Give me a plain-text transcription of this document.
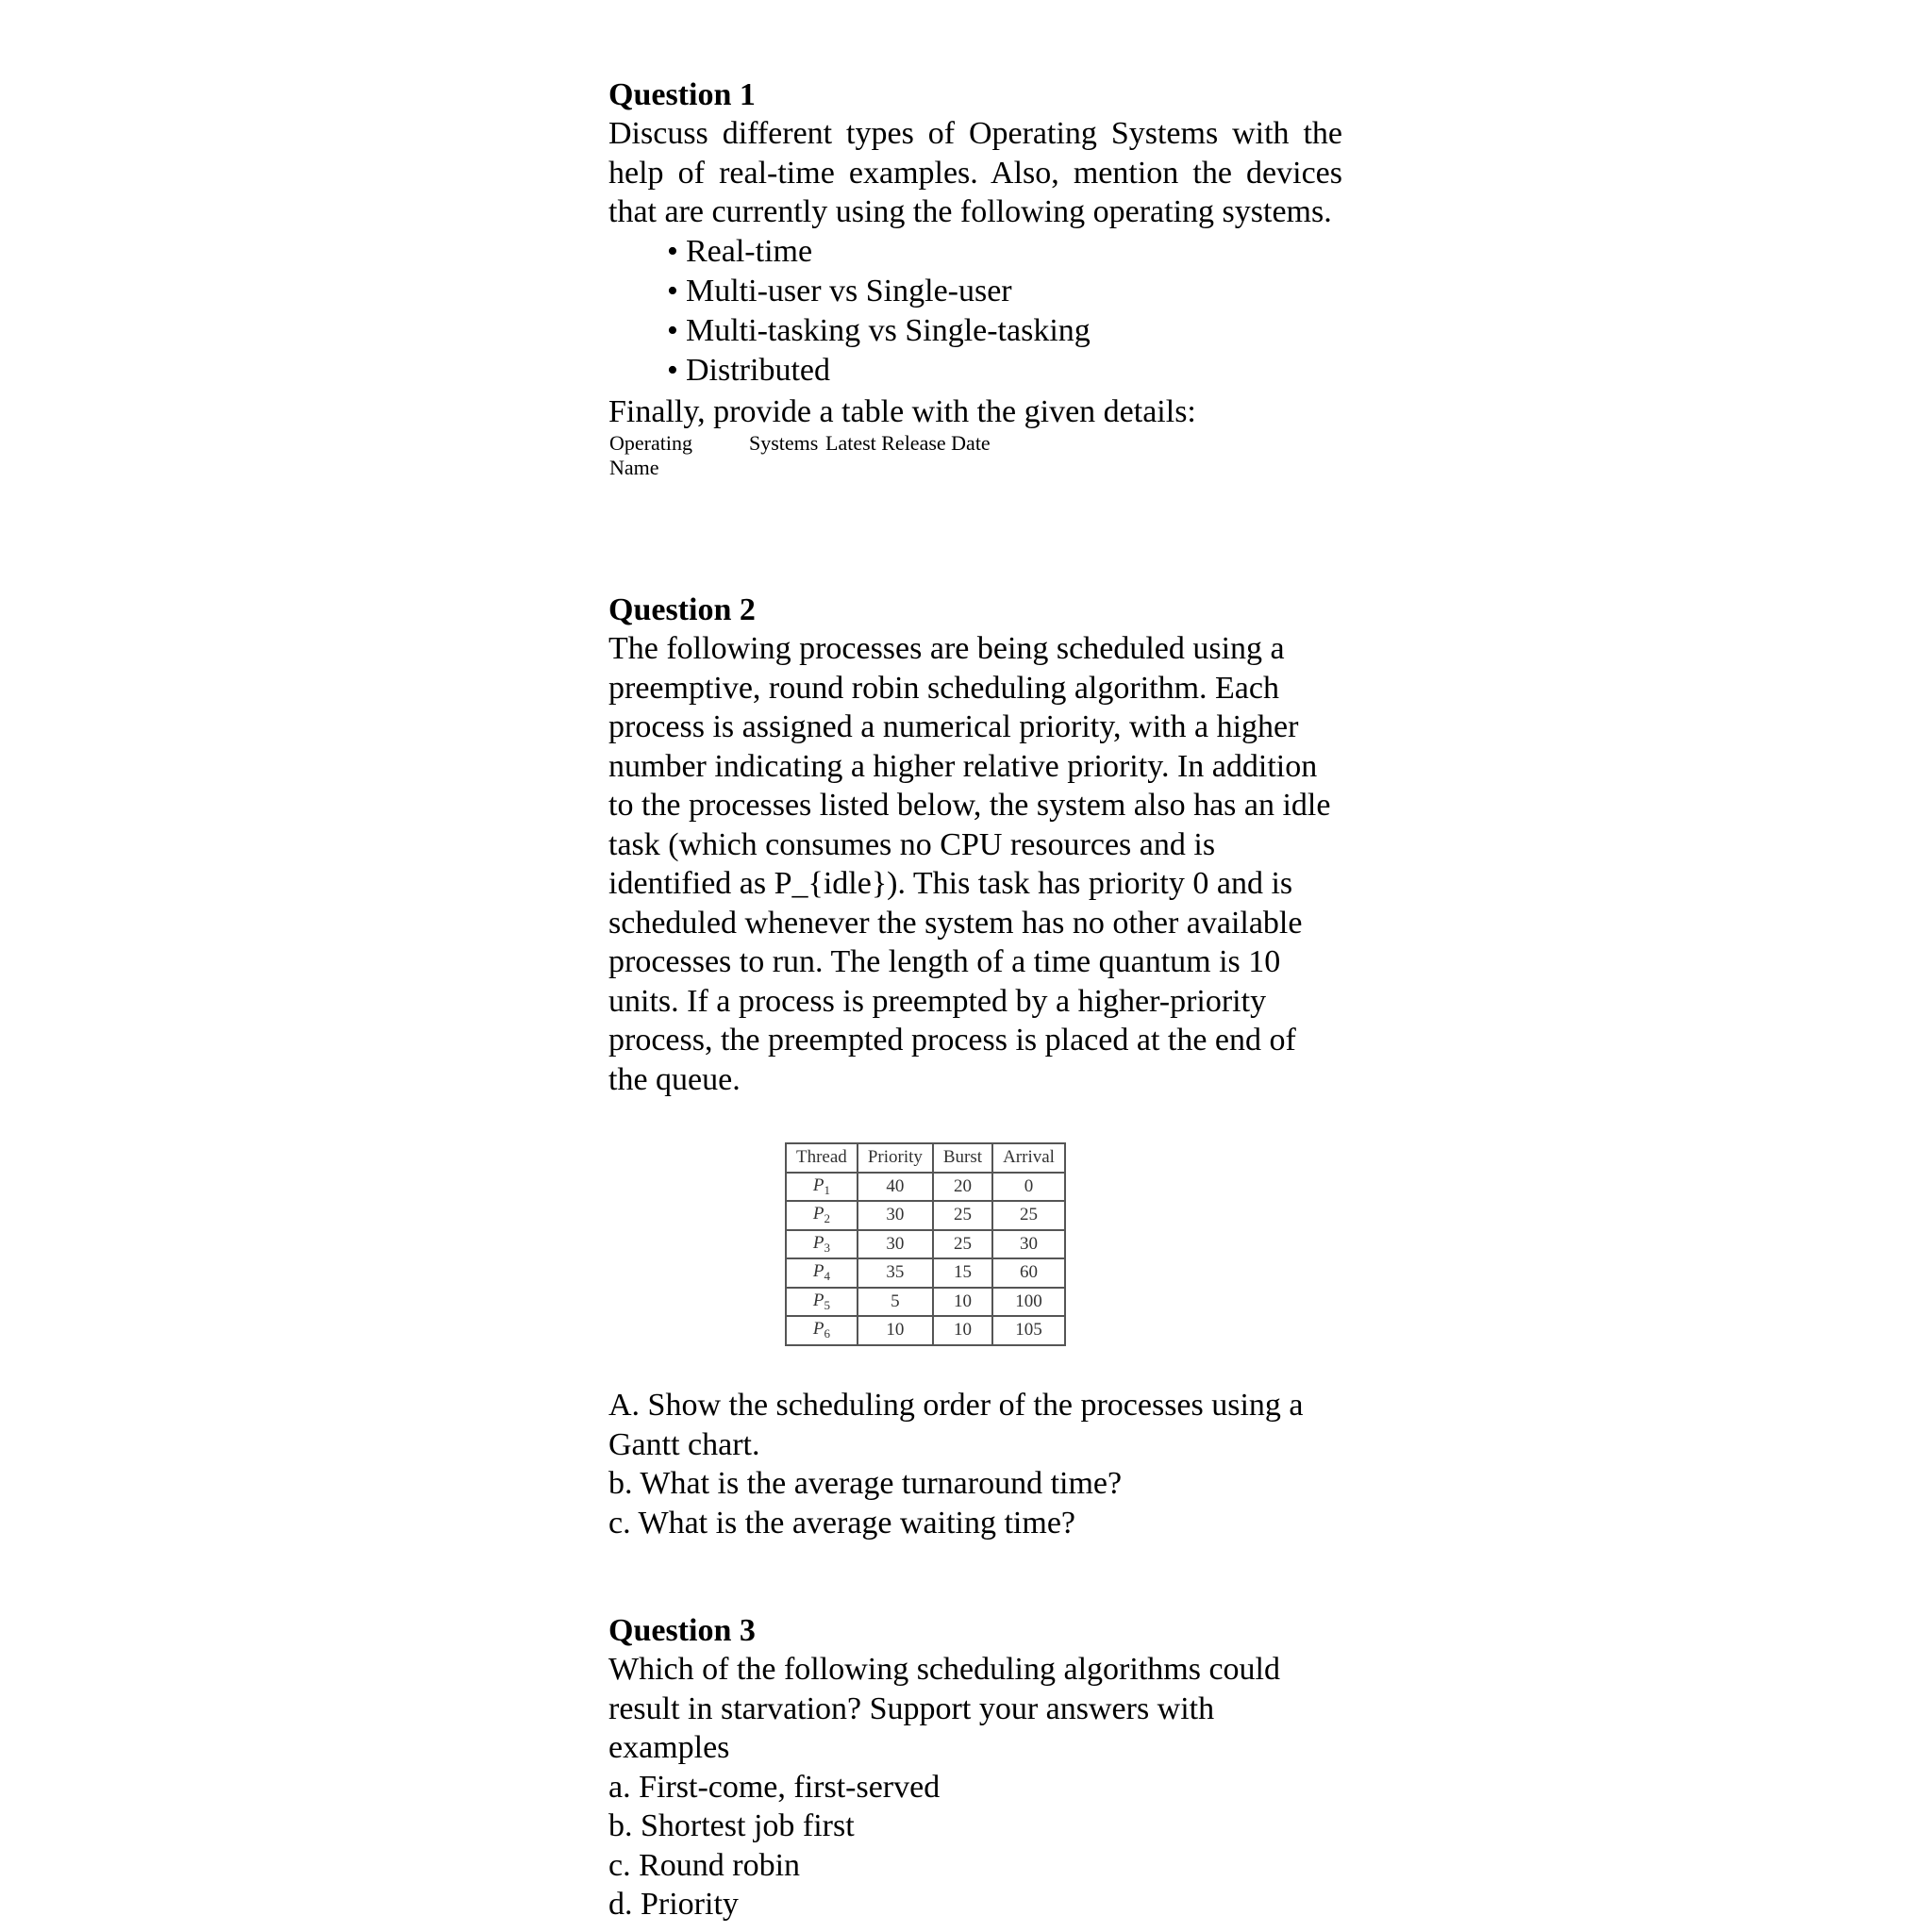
Question 1
Discuss different types of Operating Systems with the help of real-time examples. Also, mention the devices that are currently using the following operating systems.
• Real-time
• Multi-user vs Single-user
• Multi-tasking vs Single-tasking
• Distributed
Finally, provide a table with the given details:
Operating Name
Systems Latest Release Date
Question 2
The following processes are being scheduled using a preemptive, round robin scheduling algorithm. Each process is assigned a numerical priority, with a higher number indicating a higher relative priority. In addition to the processes listed below, the system also has an idle task (which consumes no CPU resources and is identified as P_{idle}). This task has priority 0 and is scheduled whenever the system has no other available processes to run. The length of a time quantum is 10 units. If a process is preempted by a higher-priority process, the preempted process is placed at the end of the queue.
A. Show the scheduling order of the processes using a Gantt chart.
b. What is the average turnaround time?
c. What is the average waiting time?
Question 3
Which of the following scheduling algorithms could result in starvation? Support your answers with examples
a. First-come, first-served
b. Shortest job first
c. Round robin
d. Priority
Thread	Priority	Burst	Arrival
$P_1$	40	20	0
$P_2$	30	25	25
$P_3$	30	25	30
$P_4$	35	15	60
$P_5$	5	10	100
$P_6$	10	10	105
